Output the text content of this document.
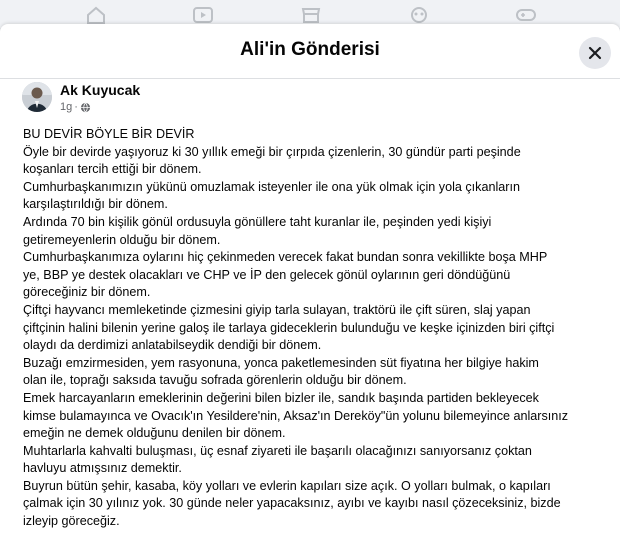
Ali'in Gönderisi
Ak Kuyucak
1g ·
BU DEVİR BÖYLE BİR DEVİR
Öyle bir devirde yaşıyoruz ki 30 yıllık emeği bir çırpıda çizenlerin, 30 gündür parti peşinde
koşanları tercih ettiği bir dönem.
Cumhurbaşkanımızın yükünü omuzlamak isteyenler ile ona yük olmak için yola çıkanların
karşılaştırıldığı bir dönem.
Ardında 70 bin kişilik gönül ordusuyla gönüllere taht kuranlar ile, peşinden yedi kişiyi
getiremeyenlerin olduğu bir dönem.
Cumhurbaşkanımıza oylarını hiç çekinmeden verecek fakat bundan sonra vekillikte boşa MHP
ye, BBP ye destek olacakları ve CHP ve İP den gelecek gönül oylarının geri döndüğünü
göreceğiniz bir dönem.
Çiftçi hayvancı memleketinde çizmesini giyip tarla sulayan, traktörü ile çift süren, slaj yapan
çiftçinin halini bilenin yerine galoş ile tarlaya gideceklerin bulunduğu ve keşke içinizden biri çiftçi
olaydı da derdimizi anlatabilseydik dendiği bir dönem.
Buzağı emzirmesiden, yem rasyonuna, yonca paketlemesinden süt fiyatına her bilgiye hakim
olan ile, toprağı saksıda tavuğu sofrada görenlerin olduğu bir dönem.
Emek harcayanların emeklerinin değerini bilen bizler ile, sandık başında partiden bekleyecek
kimse bulamayınca ve Ovacık'ın Yesildere'nin, Aksaz'ın Dereköy"ün yolunu bilemeyince anlarsınız
emeğin ne demek olduğunu denilen bir dönem.
Muhtarlarla kahvalti buluşması, üç esnaf ziyareti ile başarılı olacağınızı sanıyorsanız çoktan
havluyu atmışsınız demektir.
Buyrun bütün şehir, kasaba, köy yolları ve evlerin kapıları size açık. O yolları bulmak, o kapıları
çalmak için 30 yılınız yok. 30 günde neler yapacaksınız, ayıbı ve kayıbı nasıl çözeceksiniz, bizde
izleyip göreceğiz.
